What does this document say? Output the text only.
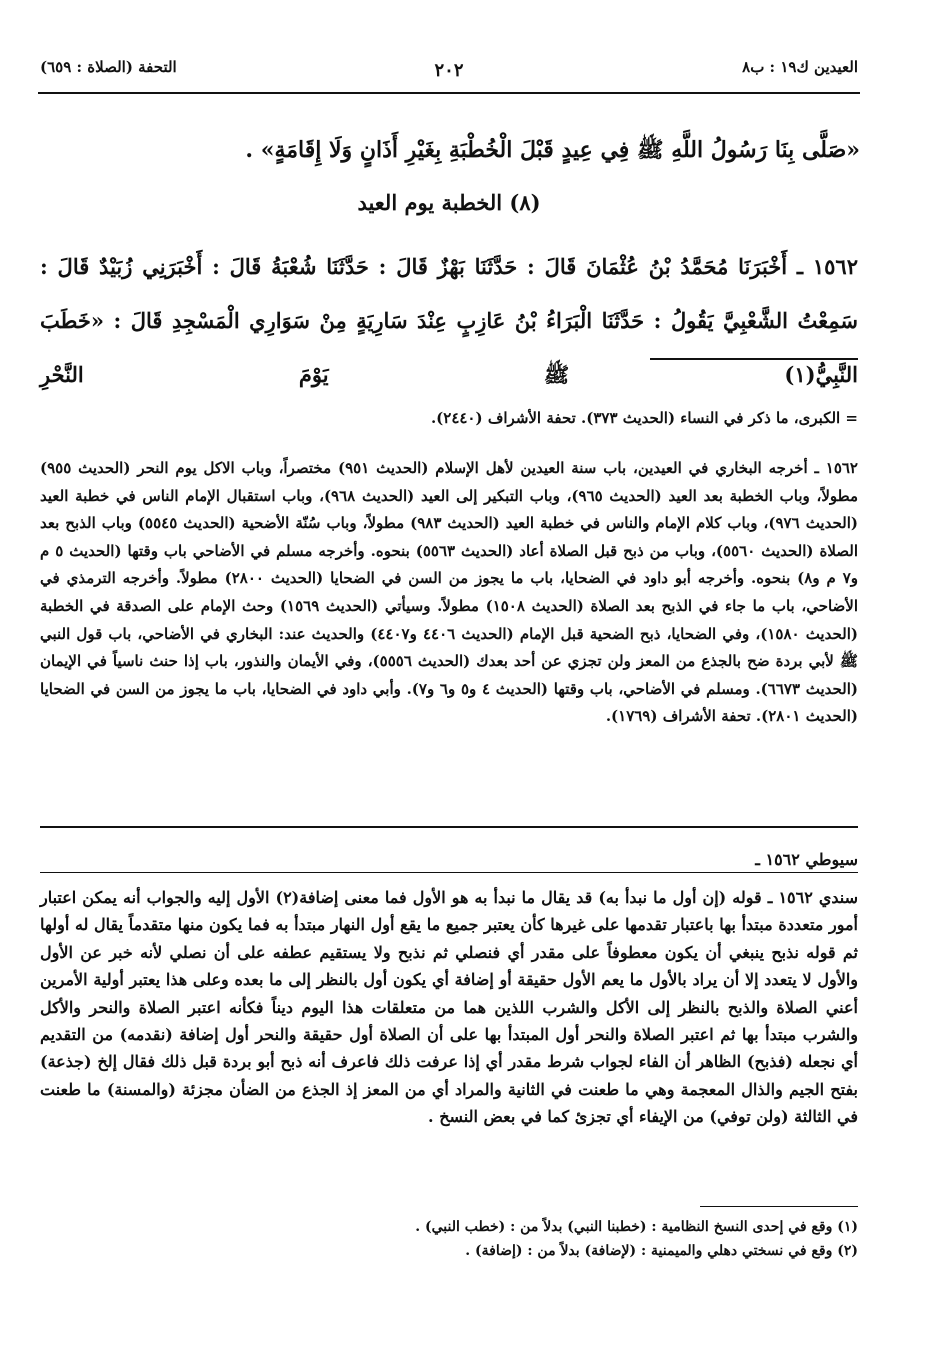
العيدين ك١٩ : ب٨
٢٠٢
التحفة (الصلاة : ٦٥٩)
«صَلَّى بِنَا رَسُولُ اللَّهِ ﷺ فِي عِيدٍ قَبْلَ الْخُطْبَةِ بِغَيْرِ أَذَانٍ وَلَا إِقَامَةٍ» .
(٨) الخطبة يوم العيد
١٥٦٢ ـ أَخْبَرَنَا مُحَمَّدُ بْنُ عُثْمَانَ قَالَ : حَدَّثَنَا بَهْزٌ قَالَ : حَدَّثَنَا شُعْبَةُ قَالَ : أَخْبَرَنِي زُبَيْدٌ قَالَ : سَمِعْتُ الشَّعْبِيَّ يَقُولُ : حَدَّثَنَا الْبَرَاءُ بْنُ عَازِبٍ عِنْدَ سَارِيَةٍ مِنْ سَوَارِي الْمَسْجِدِ قَالَ : «خَطَبَ النَّبِيُّ(١) ﷺ يَوْمَ النَّحْرِ
= الكبرى، ما ذكر في النساء (الحديث ٣٧٣). تحفة الأشراف (٢٤٤٠).
١٥٦٢ ـ أخرجه البخاري في العيدين، باب سنة العيدين لأهل الإسلام (الحديث ٩٥١) مختصراً، وباب الاكل يوم النحر (الحديث ٩٥٥) مطولاً، وباب الخطبة بعد العيد (الحديث ٩٦٥)، وباب التبكير إلى العيد (الحديث ٩٦٨)، وباب استقبال الإمام الناس في خطبة العيد (الحديث ٩٧٦)، وباب كلام الإمام والناس في خطبة العيد (الحديث ٩٨٣) مطولاً، وباب سُنّة الأضحية (الحديث ٥٥٤٥) وباب الذبح بعد الصلاة (الحديث ٥٥٦٠)، وباب من ذبح قبل الصلاة أعاد (الحديث ٥٥٦٣) بنحوه. وأخرجه مسلم في الأضاحي باب وقتها (الحديث ٥ م و٧ م و٨) بنحوه. وأخرجه أبو داود في الضحايا، باب ما يجوز من السن في الضحايا (الحديث ٢٨٠٠) مطولاً. وأخرجه الترمذي في الأضاحي، باب ما جاء في الذبح بعد الصلاة (الحديث ١٥٠٨) مطولاً. وسيأتي (الحديث ١٥٦٩) وحث الإمام على الصدقة في الخطبة (الحديث ١٥٨٠)، وفي الضحايا، ذبح الضحية قبل الإمام (الحديث ٤٤٠٦ و٤٤٠٧) والحديث عند: البخاري في الأضاحي، باب قول النبي ﷺ لأبي بردة ضح بالجذع من المعز ولن تجزي عن أحد بعدك (الحديث ٥٥٥٦)، وفي الأيمان والنذور، باب إذا حنث ناسياً في الإيمان (الحديث ٦٦٧٣). ومسلم في الأضاحي، باب وقتها (الحديث ٤ و٥ و٦ و٧). وأبي داود في الضحايا، باب ما يجوز من السن في الضحايا (الحديث ٢٨٠١). تحفة الأشراف (١٧٦٩).
سيوطي ١٥٦٢ ـ
سندي ١٥٦٢ ـ قوله (إن أول ما نبدأ به) قد يقال ما نبدأ به هو الأول فما معنى إضافة(٢) الأول إليه والجواب أنه يمكن اعتبار أمور متعددة مبتدأ بها باعتبار تقدمها على غيرها كأن يعتبر جميع ما يقع أول النهار مبتدأ به فما يكون منها متقدماً يقال له أولها ثم قوله نذبح ينبغي أن يكون معطوفاً على مقدر أي فنصلي ثم نذبح ولا يستقيم عطفه على أن نصلي لأنه خبر عن الأول والأول لا يتعدد إلا أن يراد بالأول ما يعم الأول حقيقة أو إضافة أي يكون أول بالنظر إلى ما بعده وعلى هذا يعتبر أولية الأمرين أعني الصلاة والذبح بالنظر إلى الأكل والشرب اللذين هما من متعلقات هذا اليوم ديناً فكأنه اعتبر الصلاة والنحر والأكل والشرب مبتدأ بها ثم اعتبر الصلاة والنحر أول المبتدأ بها على أن الصلاة أول حقيقة والنحر أول إضافة (نقدمه) من التقديم أي نجعله (فذبح) الظاهر أن الفاء لجواب شرط مقدر أي إذا عرفت ذلك فاعرف أنه ذبح أبو بردة قبل ذلك فقال إلخ (جذعة) بفتح الجيم والذال المعجمة وهي ما طعنت في الثانية والمراد أي من المعز إذ الجذع من الضأن مجزئة (والمسنة) ما طعنت في الثالثة (ولن توفي) من الإيفاء أي تجزئ كما في بعض النسخ .

(١) وقع في إحدى النسخ النظامية : (خطبنا النبي) بدلاً من : (خطب النبي) .

(٢) وقع في نسختي دهلي والميمنية : (لإضافة) بدلاً من : (إضافة) .
